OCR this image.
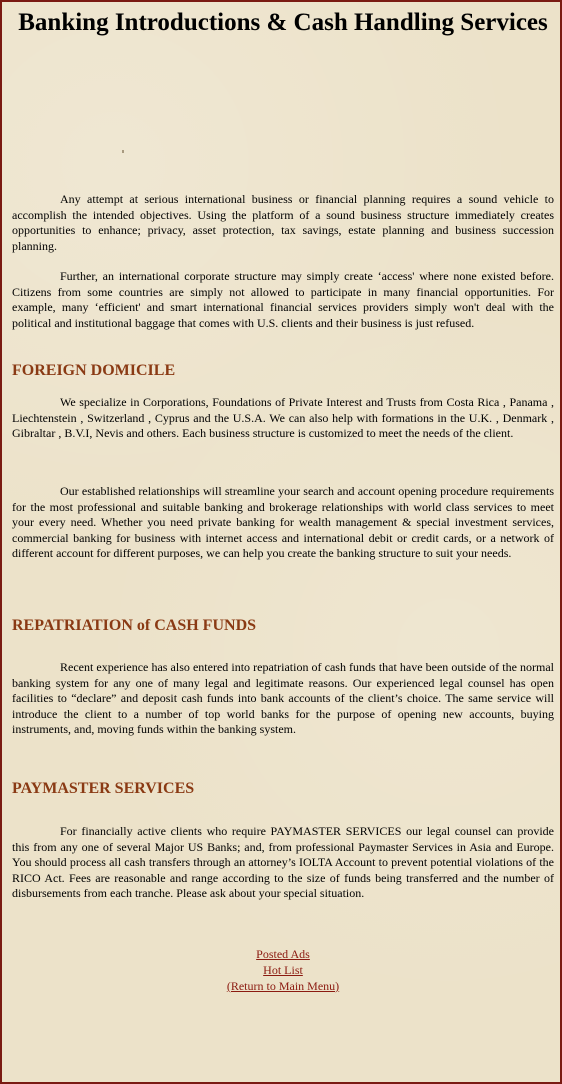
Banking Introductions & Cash Handling Services

Any attempt at serious international business or financial planning requires a sound vehicle to accomplish the intended objectives. Using the platform of a sound business structure immediately creates opportunities to enhance; privacy, asset protection, tax savings, estate planning and business succession planning.

Further, an international corporate structure may simply create ‘access' where none existed before. Citizens from some countries are simply not allowed to participate in many financial opportunities. For example, many ‘efficient' and smart international financial services providers simply won't deal with the political and institutional baggage that comes with U.S. clients and their business is just refused.

FOREIGN DOMICILE

We specialize in Corporations, Foundations of Private Interest and Trusts from Costa Rica , Panama , Liechtenstein , Switzerland , Cyprus and the U.S.A. We can also help with formations in the U.K. , Denmark , Gibraltar , B.V.I, Nevis and others. Each business structure is customized to meet the needs of the client.

Our established relationships will streamline your search and account opening procedure requirements for the most professional and suitable banking and brokerage relationships with world class services to meet your every need. Whether you need private banking for wealth management & special investment services, commercial banking for business with internet access and international debit or credit cards, or a network of different account for different purposes, we can help you create the banking structure to suit your needs.

REPATRIATION of CASH FUNDS

Recent experience has also entered into repatriation of cash funds that have been outside of the normal banking system for any one of many legal and legitimate reasons. Our experienced legal counsel has open facilities to “declare” and deposit cash funds into bank accounts of the client’s choice. The same service will introduce the client to a number of top world banks for the purpose of opening new accounts, buying instruments, and, moving funds within the banking system.

PAYMASTER SERVICES

For financially active clients who require PAYMASTER SERVICES our legal counsel can provide this from any one of several Major US Banks; and, from professional Paymaster Services in Asia and Europe. You should process all cash transfers through an attorney’s IOLTA Account to prevent potential violations of the RICO Act. Fees are reasonable and range according to the size of funds being transferred and the number of disbursements from each tranche. Please ask about your special situation.

Posted Ads
Hot List
(Return to Main Menu)
